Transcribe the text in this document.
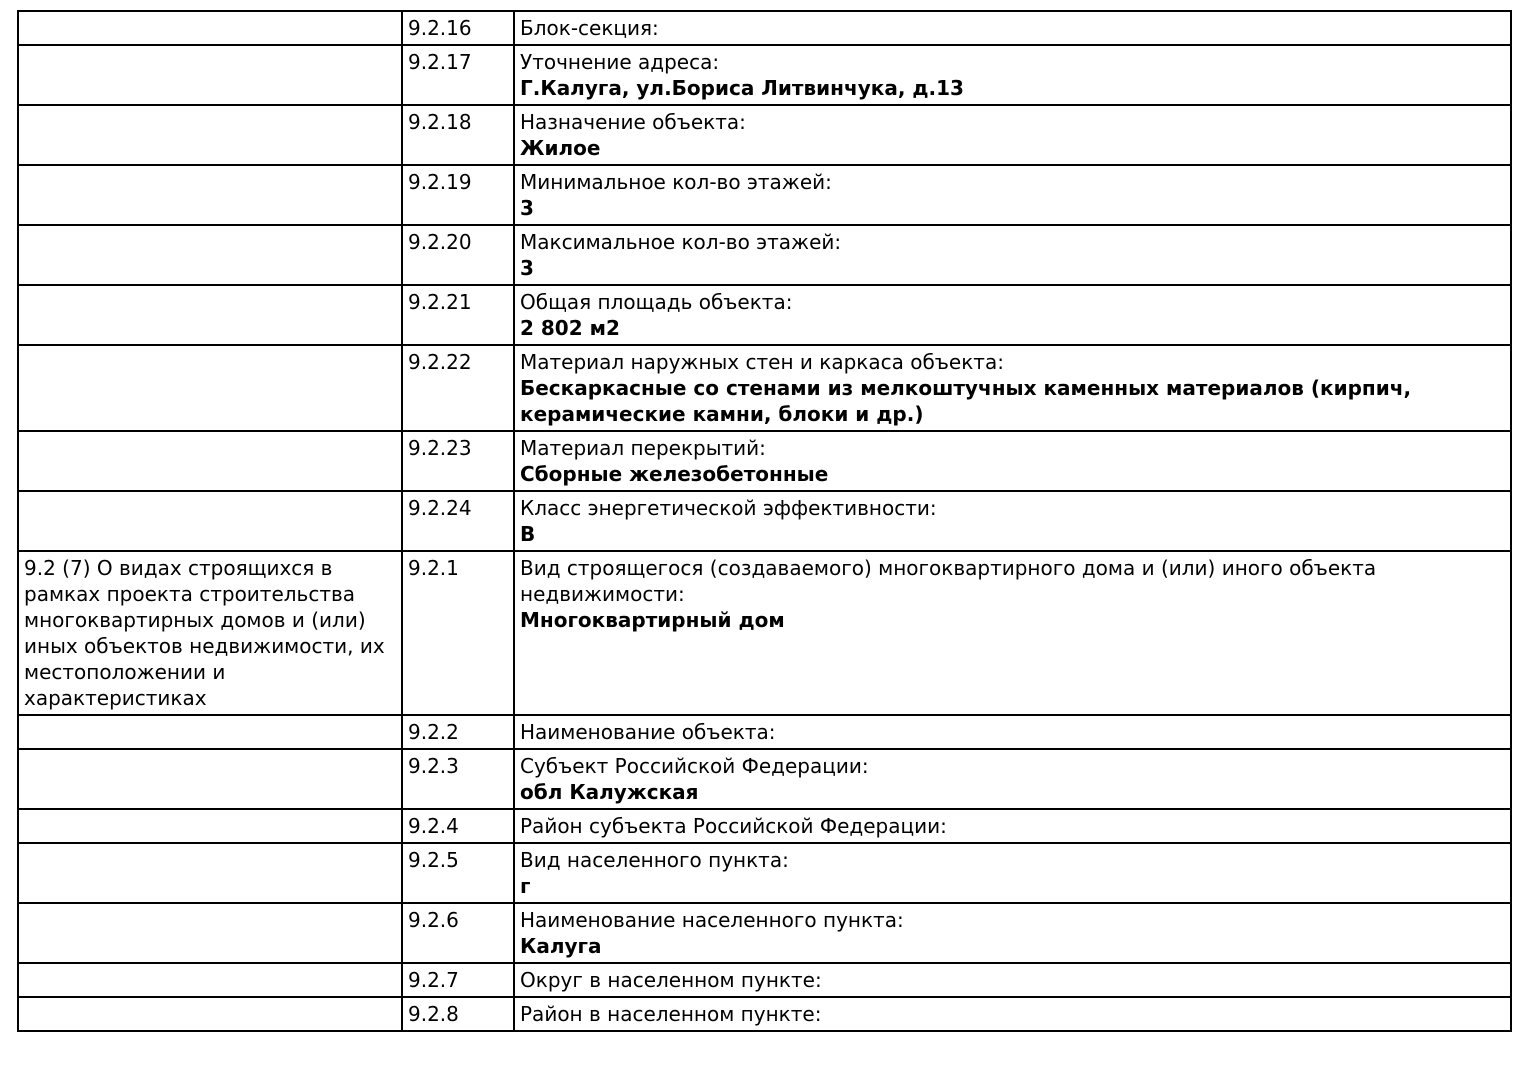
	9.2.16	Блок-секция:

	9.2.17	Уточнение адреса:
Г.Калуга, ул.Бориса Литвинчука, д.13

	9.2.18	Назначение объекта:
Жилое

	9.2.19	Минимальное кол-во этажей:
3

	9.2.20	Максимальное кол-во этажей:
3

	9.2.21	Общая площадь объекта:
2 802 м2

	9.2.22	Материал наружных стен и каркаса объекта:
Бескаркасные со стенами из мелкоштучных каменных материалов (кирпич, керамические камни, блоки и др.)

	9.2.23	Материал перекрытий:
Сборные железобетонные

	9.2.24	Класс энергетической эффективности:
В

9.2 (7) О видах строящихся в рамках проекта строительства многоквартирных домов и (или) иных объектов недвижимости, их местоположении и характеристиках	9.2.1	Вид строящегося (создаваемого) многоквартирного дома и (или) иного объекта недвижимости:
Многоквартирный дом

	9.2.2	Наименование объекта:

	9.2.3	Субъект Российской Федерации:
обл Калужская

	9.2.4	Район субъекта Российской Федерации:

	9.2.5	Вид населенного пункта:
г

	9.2.6	Наименование населенного пункта:
Калуга

	9.2.7	Округ в населенном пункте:

	9.2.8	Район в населенном пункте:
